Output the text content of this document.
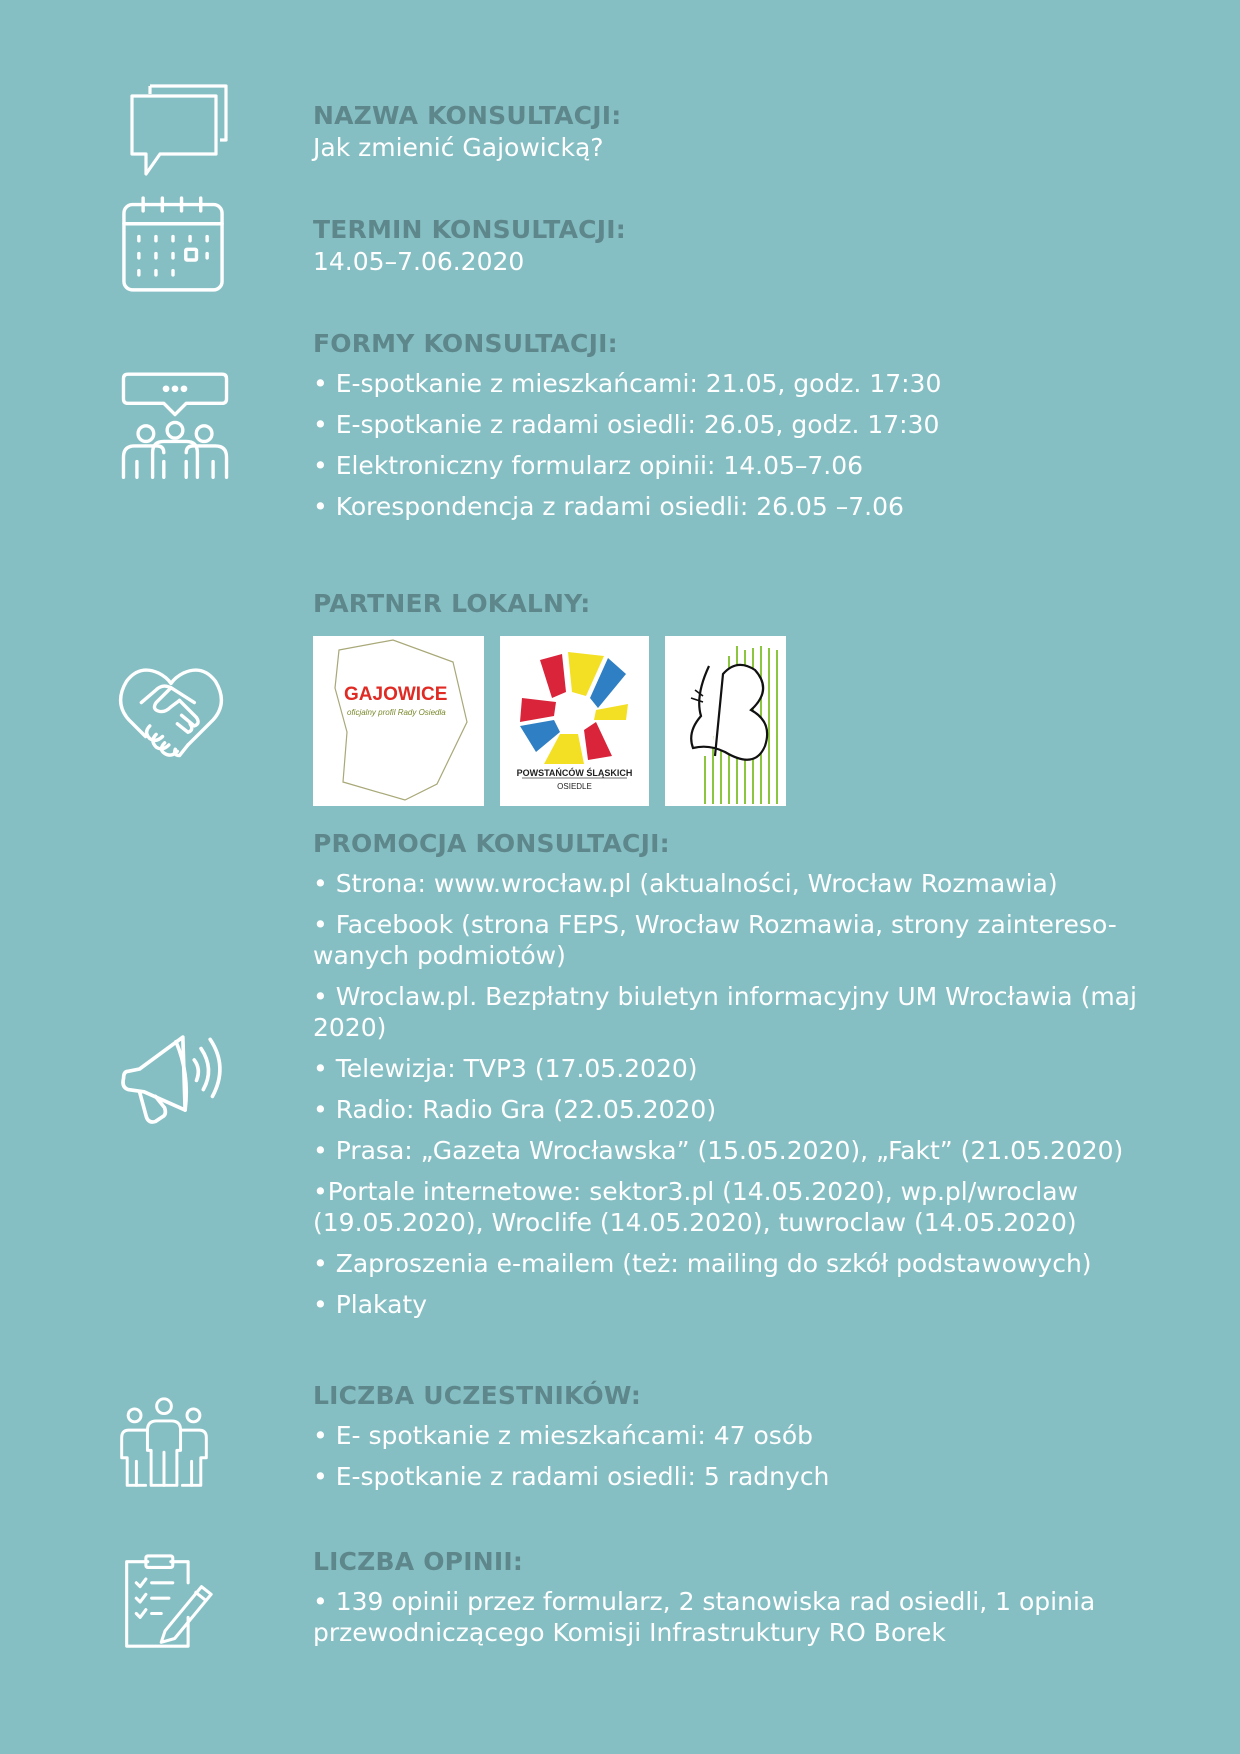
NAZWA KONSULTACJI:

Jak zmienić Gajowicką?

TERMIN KONSULTACJI:

14.05–7.06.2020

FORMY KONSULTACJI:

• E-spotkanie z mieszkańcami: 21.05, godz. 17:30
• E-spotkanie z radami osiedli: 26.05, godz. 17:30
• Elektroniczny formularz opinii: 14.05–7.06
• Korespondencja z radami osiedli: 26.05 –7.06

PARTNER LOKALNY:

GAJOWICE
oficjalny profil Rady Osiedla
POWSTAŃCÓW ŚLĄSKICH
OSIEDLE

PROMOCJA KONSULTACJI:

• Strona: www.wrocław.pl (aktualności, Wrocław Rozmawia)
• Facebook (strona FEPS, Wrocław Rozmawia, strony zaintereso-wanych podmiotów)
• Wroclaw.pl. Bezpłatny biuletyn informacyjny UM Wrocławia (maj 2020)
• Telewizja: TVP3 (17.05.2020)
• Radio: Radio Gra (22.05.2020)
• Prasa: „Gazeta Wrocławska” (15.05.2020), „Fakt” (21.05.2020)
•Portale internetowe: sektor3.pl (14.05.2020), wp.pl/wroclaw (19.05.2020), Wroclife (14.05.2020), tuwroclaw (14.05.2020)
• Zaproszenia e-mailem (też: mailing do szkół podstawowych)
• Plakaty

LICZBA UCZESTNIKÓW:

• E- spotkanie z mieszkańcami: 47 osób
• E-spotkanie z radami osiedli: 5 radnych

LICZBA OPINII:

• 139 opinii przez formularz, 2 stanowiska rad osiedli, 1 opinia przewodniczącego Komisji Infrastruktury RO Borek
